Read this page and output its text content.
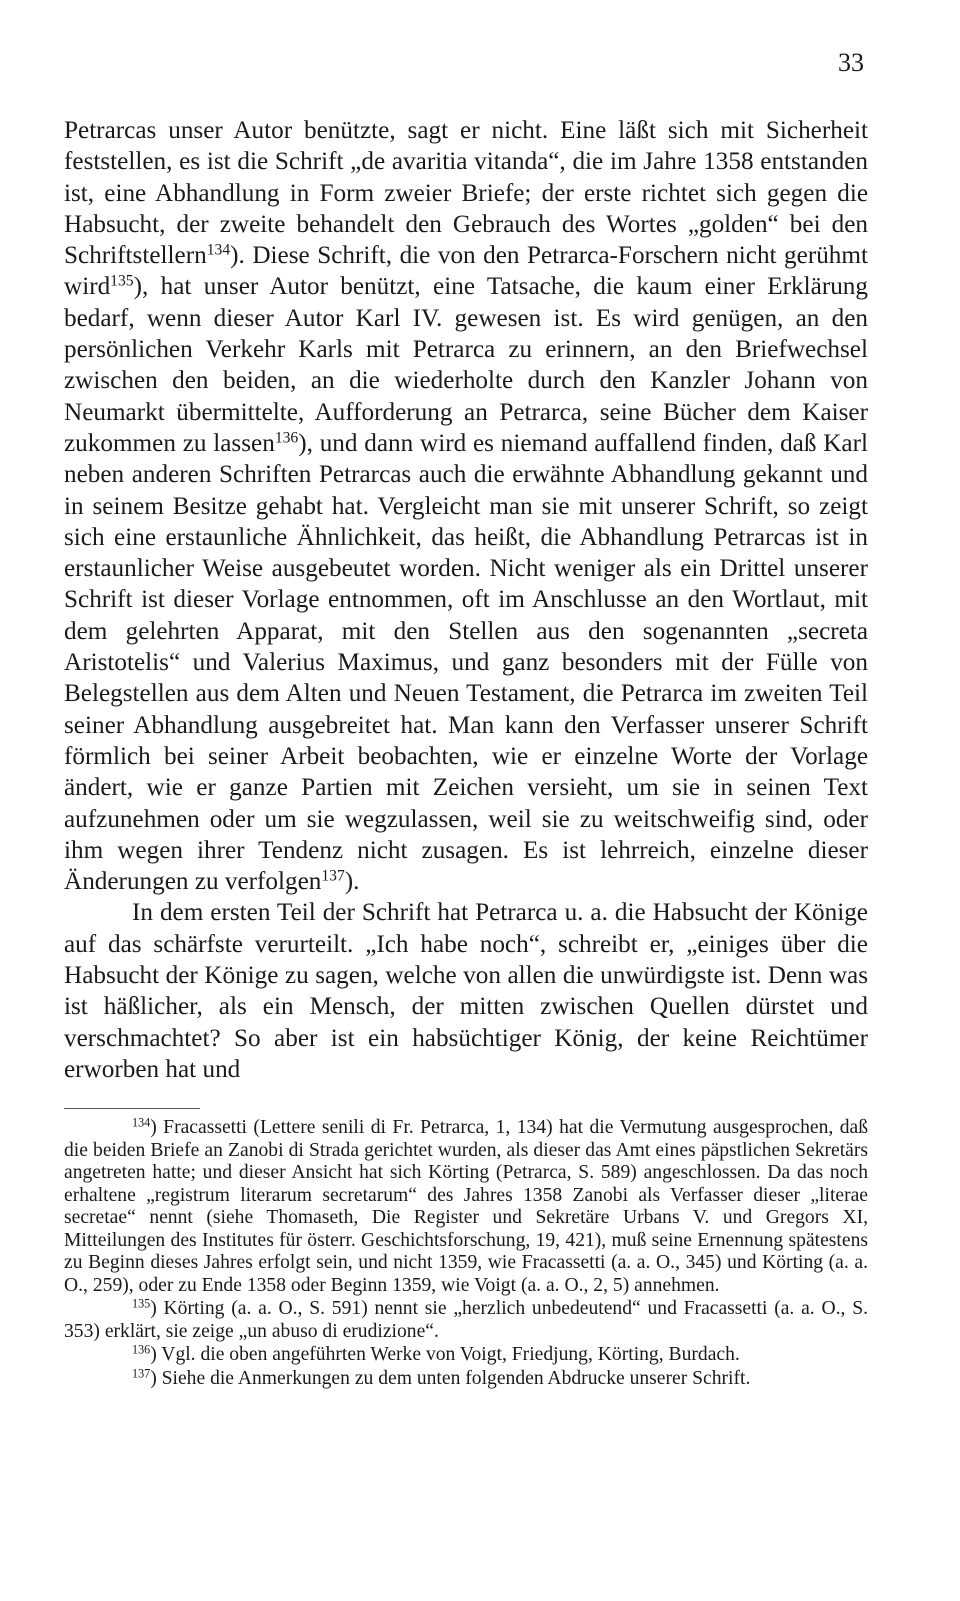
33

Petrarcas unser Autor benützte, sagt er nicht. Eine läßt sich mit Sicherheit feststellen, es ist die Schrift „de avaritia vitanda“, die im Jahre 1358 entstanden ist, eine Abhandlung in Form zweier Briefe; der erste richtet sich gegen die Habsucht, der zweite behandelt den Gebrauch des Wortes „golden“ bei den Schriftstellern$^{134}$). Diese Schrift, die von den Petrarca-Forschern nicht gerühmt wird$^{135}$), hat unser Autor benützt, eine Tatsache, die kaum einer Erklärung bedarf, wenn dieser Autor Karl IV. gewesen ist. Es wird genügen, an den persönlichen Verkehr Karls mit Petrarca zu erinnern, an den Briefwechsel zwischen den beiden, an die wiederholte durch den Kanzler Johann von Neumarkt übermittelte, Aufforderung an Petrarca, seine Bücher dem Kaiser zukommen zu lassen$^{136}$), und dann wird es niemand auffallend finden, daß Karl neben anderen Schriften Petrarcas auch die erwähnte Abhandlung gekannt und in seinem Besitze gehabt hat. Vergleicht man sie mit unserer Schrift, so zeigt sich eine erstaunliche Ähnlichkeit, das heißt, die Abhandlung Petrarcas ist in erstaunlicher Weise ausgebeutet worden. Nicht weniger als ein Drittel unserer Schrift ist dieser Vorlage entnommen, oft im Anschlusse an den Wortlaut, mit dem gelehrten Apparat, mit den Stellen aus den sogenannten „secreta Aristotelis“ und Valerius Maximus, und ganz besonders mit der Fülle von Belegstellen aus dem Alten und Neuen Testament, die Petrarca im zweiten Teil seiner Abhandlung ausgebreitet hat. Man kann den Verfasser unserer Schrift förmlich bei seiner Arbeit beobachten, wie er einzelne Worte der Vorlage ändert, wie er ganze Partien mit Zeichen versieht, um sie in seinen Text aufzunehmen oder um sie wegzulassen, weil sie zu weitschweifig sind, oder ihm wegen ihrer Tendenz nicht zusagen. Es ist lehrreich, einzelne dieser Änderungen zu verfolgen$^{137}$).

In dem ersten Teil der Schrift hat Petrarca u. a. die Habsucht der Könige auf das schärfste verurteilt. „Ich habe noch“, schreibt er, „einiges über die Habsucht der Könige zu sagen, welche von allen die unwürdigste ist. Denn was ist häßlicher, als ein Mensch, der mitten zwischen Quellen dürstet und verschmachtet? So aber ist ein habsüchtiger König, der keine Reichtümer erworben hat und

$^{134}$) Fracassetti (Lettere senili di Fr. Petrarca, 1, 134) hat die Vermutung ausgesprochen, daß die beiden Briefe an Zanobi di Strada gerichtet wurden, als dieser das Amt eines päpstlichen Sekretärs angetreten hatte; und dieser Ansicht hat sich Körting (Petrarca, S. 589) angeschlossen. Da das noch erhaltene „registrum literarum secretarum“ des Jahres 1358 Zanobi als Verfasser dieser „literae secretae“ nennt (siehe Thomaseth, Die Register und Sekretäre Urbans V. und Gregors XI, Mitteilungen des Institutes für österr. Geschichtsforschung, 19, 421), muß seine Ernennung spätestens zu Beginn dieses Jahres erfolgt sein, und nicht 1359, wie Fracassetti (a. a. O., 345) und Körting (a. a. O., 259), oder zu Ende 1358 oder Beginn 1359, wie Voigt (a. a. O., 2, 5) annehmen.

$^{135}$) Körting (a. a. O., S. 591) nennt sie „herzlich unbedeutend“ und Fracassetti (a. a. O., S. 353) erklärt, sie zeige „un abuso di erudizione“.

$^{136}$) Vgl. die oben angeführten Werke von Voigt, Friedjung, Körting, Burdach.

$^{137}$) Siehe die Anmerkungen zu dem unten folgenden Abdrucke unserer Schrift.
